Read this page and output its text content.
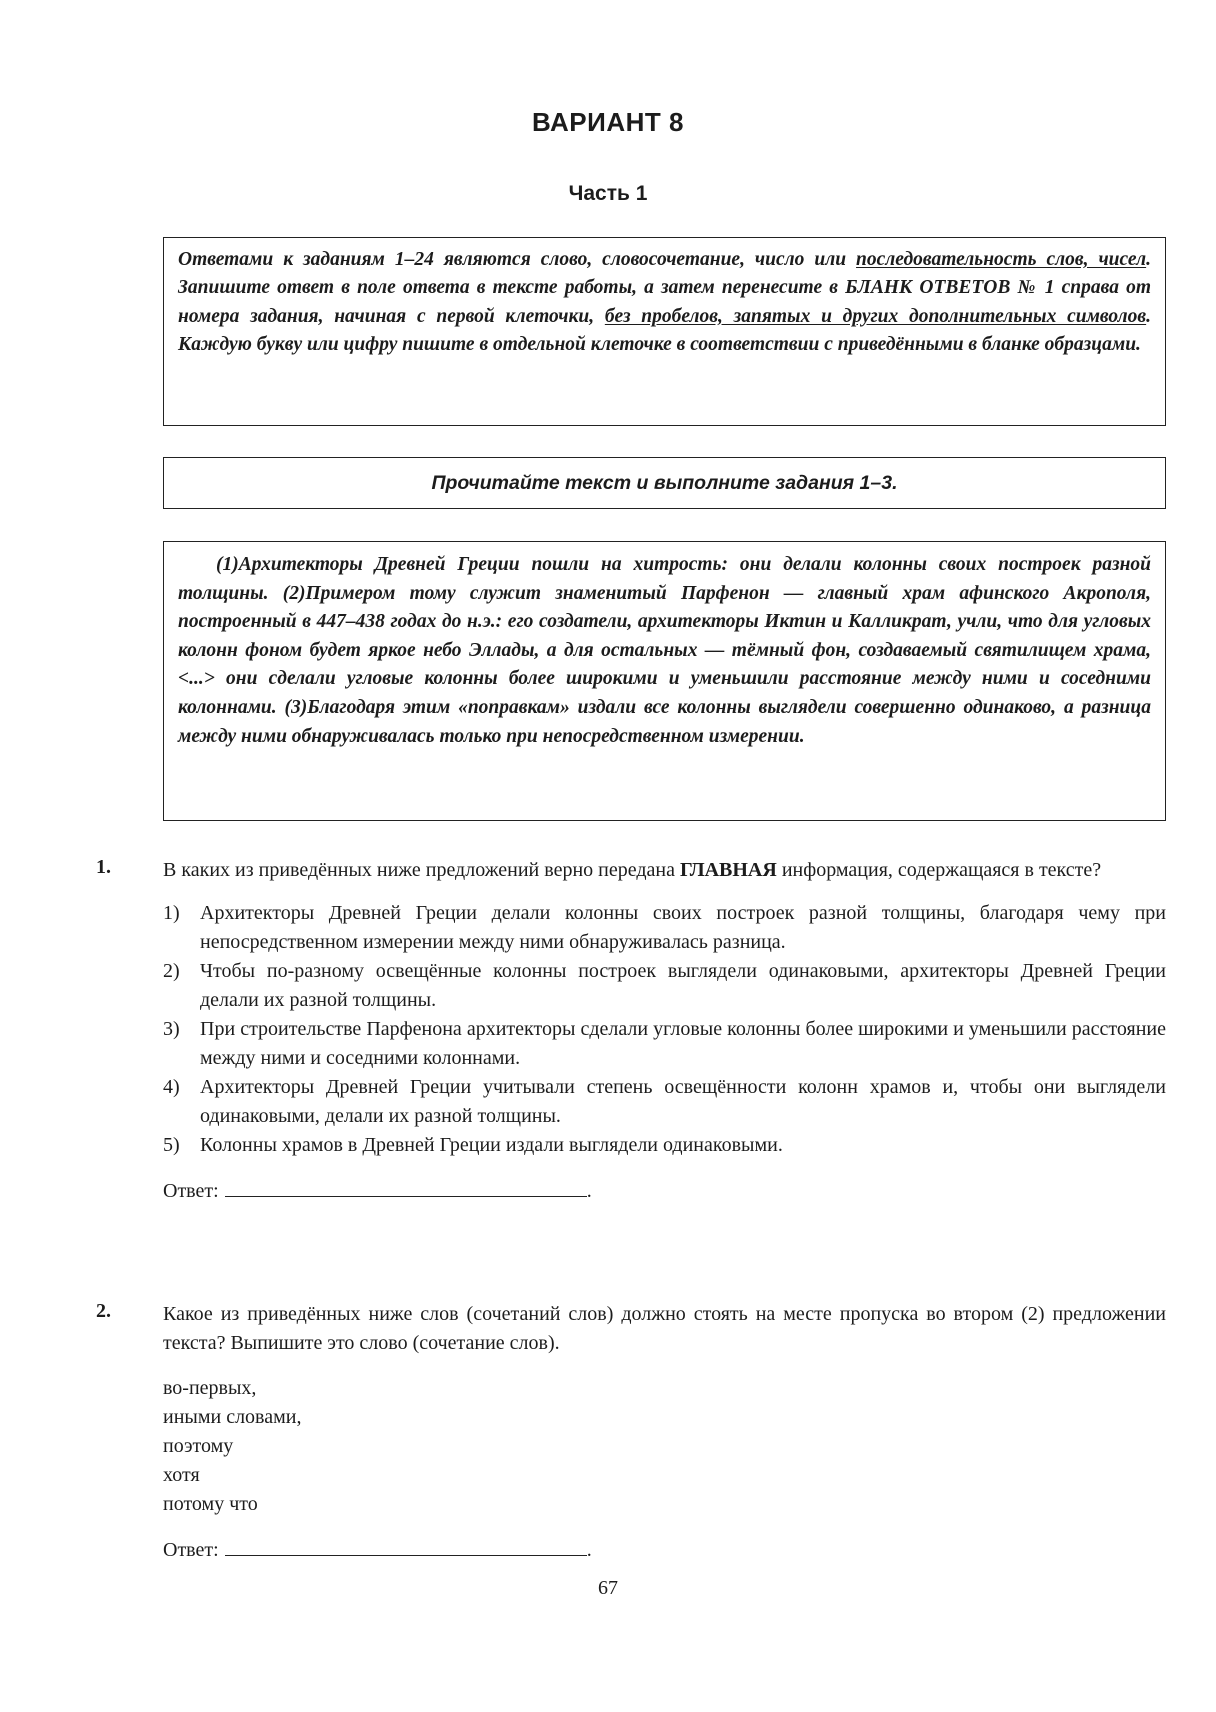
ВАРИАНТ 8
Часть 1

Ответами к заданиям 1–24 являются слово, словосочетание, число или последовательность слов, чисел. Запишите ответ в поле ответа в тексте работы, а затем перенесите в БЛАНК ОТВЕТОВ № 1 справа от номера задания, начиная с первой клеточки, без пробелов, запятых и других дополнительных символов. Каждую букву или цифру пишите в отдельной клеточке в соответствии с приведёнными в бланке образцами.

Прочитайте текст и выполните задания 1–3.

(1)Архитекторы Древней Греции пошли на хитрость: они делали колонны своих построек разной толщины. (2)Примером тому служит знаменитый Парфенон — главный храм афинского Акрополя, построенный в 447–438 годах до н.э.: его создатели, архитекторы Иктин и Калликрат, учли, что для угловых колонн фоном будет яркое небо Эллады, а для остальных — тёмный фон, создаваемый святилищем храма, <...> они сделали угловые колонны более широкими и уменьшили расстояние между ними и соседними колоннами. (3)Благодаря этим «поправкам» издали все колонны выглядели совершенно одинаково, а разница между ними обнаруживалась только при непосредственном измерении.

1.	В каких из приведённых ниже предложений верно передана ГЛАВНАЯ информация, содержащаяся в тексте?
1)	Архитекторы Древней Греции делали колонны своих построек разной толщины, благодаря чему при непосредственном измерении между ними обнаруживалась разница.
2)	Чтобы по-разному освещённые колонны построек выглядели одинаковыми, архитекторы Древней Греции делали их разной толщины.
3)	При строительстве Парфенона архитекторы сделали угловые колонны более широкими и уменьшили расстояние между ними и соседними колоннами.
4)	Архитекторы Древней Греции учитывали степень освещённости колонн храмов и, чтобы они выглядели одинаковыми, делали их разной толщины.
5)	Колонны храмов в Древней Греции издали выглядели одинаковыми.
Ответ:	.
2.	Какое из приведённых ниже слов (сочетаний слов) должно стоять на месте пропуска во втором (2) предложении текста? Выпишите это слово (сочетание слов).
во-первых,
иными словами,
поэтому
хотя
потому что
Ответ:	.
67
